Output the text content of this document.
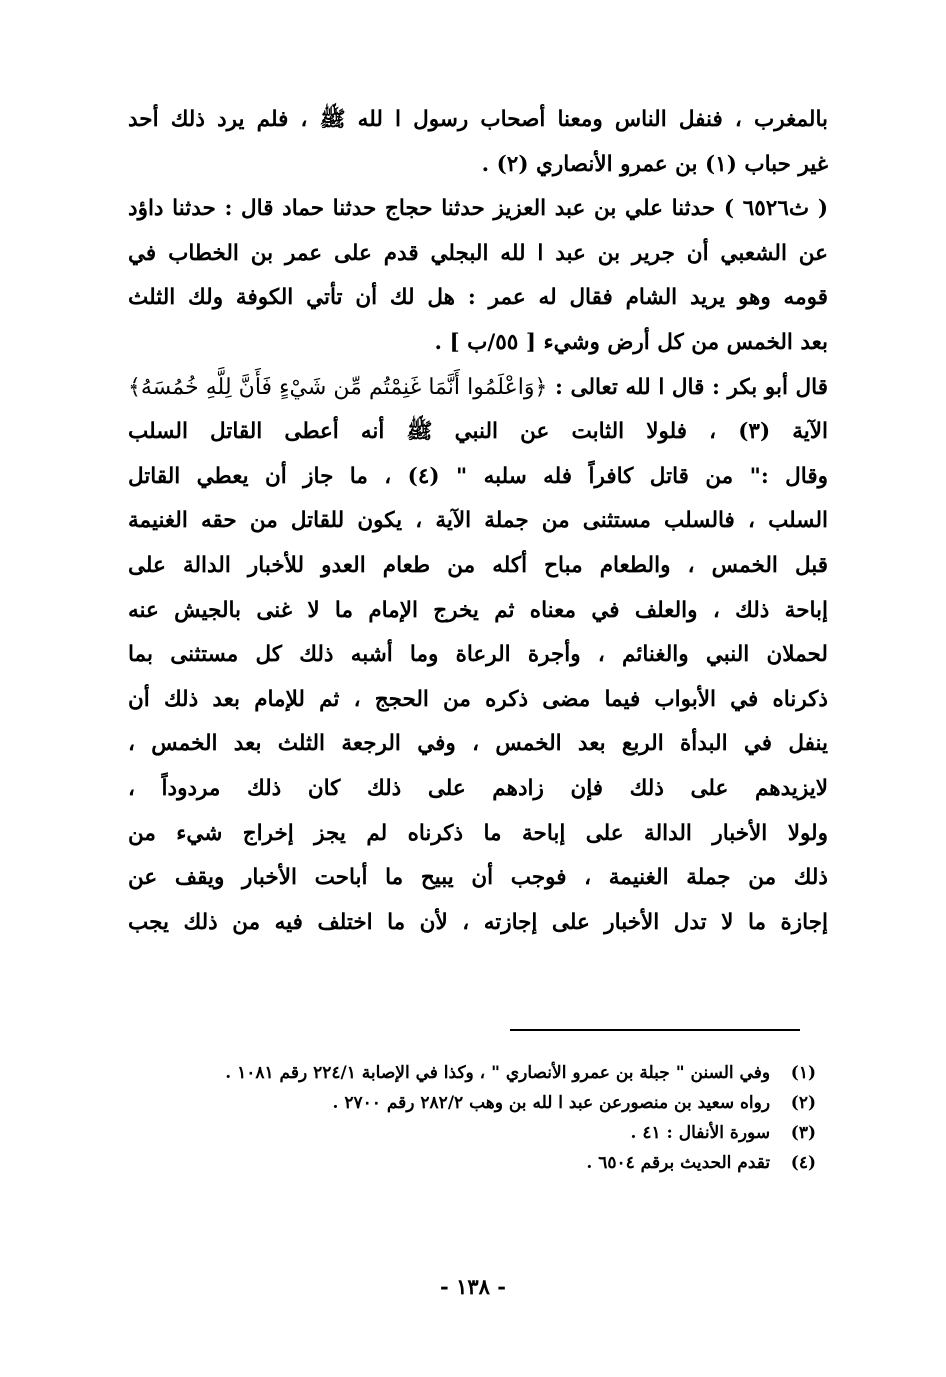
بالمغرب ، فنفل الناس ومعنا أصحاب رسول ا لله ﷺ ، فلم يرد ذلك أحد
غير حباب (١) بن عمرو الأنصاري (٢) .

( ث٦٥٢٦ ) حدثنا علي بن عبد العزيز حدثنا حجاج حدثنا حماد قال : حدثنا داؤد
عن الشعبي أن جرير بن عبد ا لله البجلي قدم على عمر بن الخطاب في
قومه وهو يريد الشام فقال له عمر : هل لك أن تأتي الكوفة ولك الثلث
بعد الخمس من كل أرض وشيء [ ٥٥/ب ] .

قال أبو بكر : قال ا لله تعالى : ﴿وَاعْلَمُوا أَنَّمَا غَنِمْتُم مِّن شَيْءٍ فَأَنَّ لِلَّهِ خُمُسَهُ﴾
الآية (٣) ، فلولا الثابت عن النبي ﷺ أنه أعطى القاتل السلب
وقال :" من قاتل كافراً فله سلبه " (٤) ، ما جاز أن يعطي القاتل
السلب ، فالسلب مستثنى من جملة الآية ، يكون للقاتل من حقه الغنيمة
قبل الخمس ، والطعام مباح أكله من طعام العدو للأخبار الدالة على
إباحة ذلك ، والعلف في معناه ثم يخرج الإمام ما لا غنى بالجيش عنه
لحملان النبي والغنائم ، وأجرة الرعاة وما أشبه ذلك كل مستثنى بما
ذكرناه في الأبواب فيما مضى ذكره من الحجج ، ثم للإمام بعد ذلك أن
ينفل في البدأة الربع بعد الخمس ، وفي الرجعة الثلث بعد الخمس ،
لايزيدهم على ذلك فإن زادهم على ذلك كان ذلك مردوداً ،
ولولا الأخبار الدالة على إباحة ما ذكرناه لم يجز إخراج شيء من
ذلك من جملة الغنيمة ، فوجب أن يبيح ما أباحت الأخبار ويقف عن
إجازة ما لا تدل الأخبار على إجازته ، لأن ما اختلف فيه من ذلك يجب

(١) وفي السنن " جبلة بن عمرو الأنصاري " ، وكذا في الإصابة ٢٢٤/١ رقم ١٠٨١ .
(٢) رواه سعيد بن منصورعن عبد ا لله بن وهب ٢٨٢/٢ رقم ٢٧٠٠ .
(٣) سورة الأنفال : ٤١ .
(٤) تقدم الحديث برقم ٦٥٠٤ .
- ١٣٨ -
